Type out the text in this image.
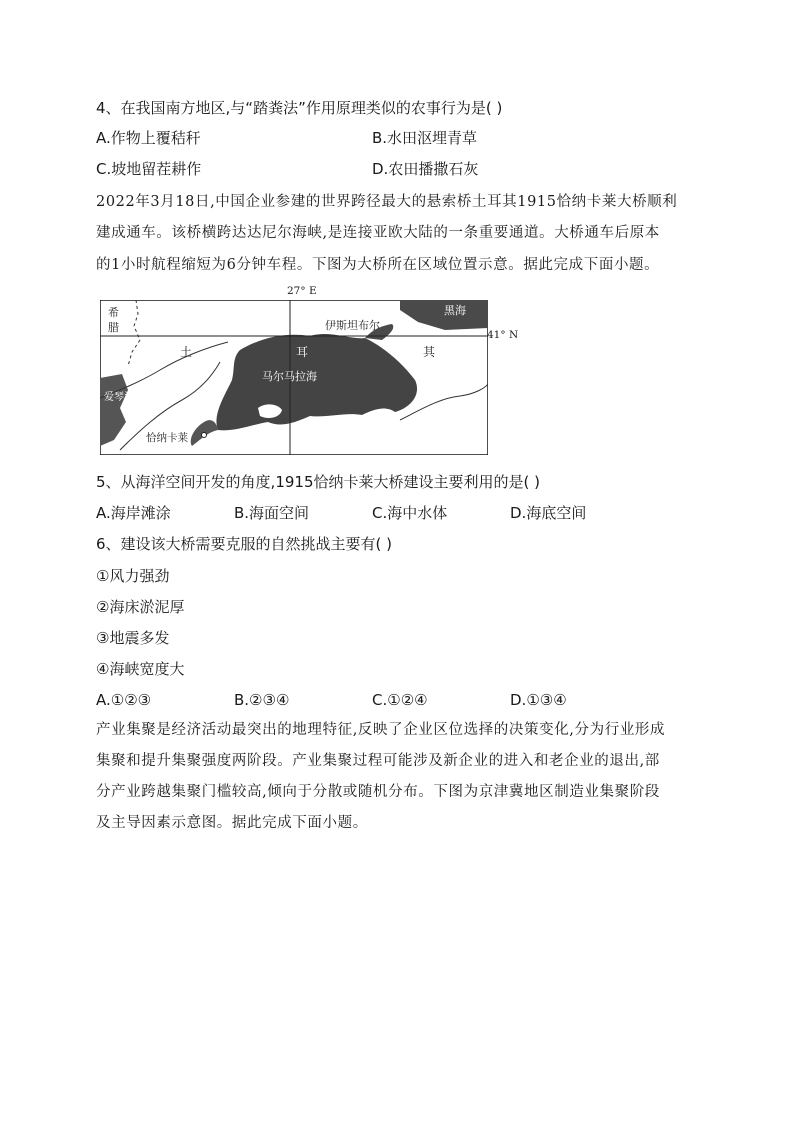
4、在我国南方地区,与“踏粪法”作用原理类似的农事行为是( )
A.作物上覆秸秆	B.水田沤埋青草
C.坡地留茬耕作	D.农田播撒石灰
2022年3月18日,中国企业参建的世界跨径最大的悬索桥土耳其1915恰纳卡莱大桥顺利
建成通车。该桥横跨达达尼尔海峡,是连接亚欧大陆的一条重要通道。大桥通车后原本
的1小时航程缩短为6分钟车程。下图为大桥所在区域位置示意。据此完成下面小题。
希
腊	伊斯坦布尔
黑海
土	耳	其
马尔马拉海
爱琴海
恰纳卡莱
27° E
41° N
5、从海洋空间开发的角度,1915恰纳卡莱大桥建设主要利用的是( )
A.海岸滩涂	B.海面空间	C.海中水体	D.海底空间
6、建设该大桥需要克服的自然挑战主要有( )
①风力强劲
②海床淤泥厚
③地震多发
④海峡宽度大
A.①②③	B.②③④	C.①②④	D.①③④
产业集聚是经济活动最突出的地理特征,反映了企业区位选择的决策变化,分为行业形成
集聚和提升集聚强度两阶段。产业集聚过程可能涉及新企业的进入和老企业的退出,部
分产业跨越集聚门槛较高,倾向于分散或随机分布。下图为京津冀地区制造业集聚阶段
及主导因素示意图。据此完成下面小题。
